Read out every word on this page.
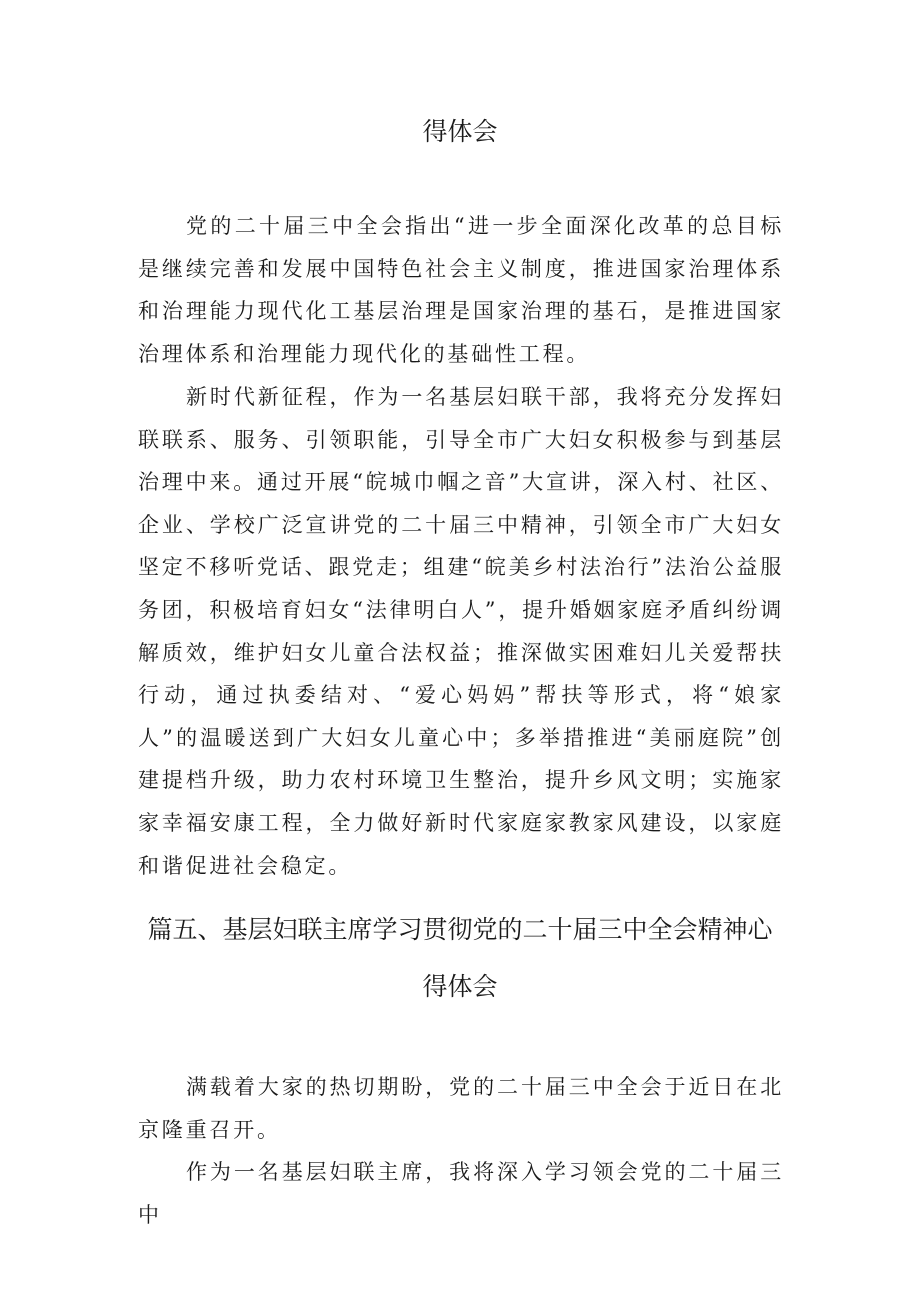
得体会

党的二十届三中全会指出“进一步全面深化改革的总目标是继续完善和发展中国特色社会主义制度，推进国家治理体系和治理能力现代化工基层治理是国家治理的基石，是推进国家治理体系和治理能力现代化的基础性工程。

新时代新征程，作为一名基层妇联干部，我将充分发挥妇联联系、服务、引领职能，引导全市广大妇女积极参与到基层治理中来。通过开展“皖城巾帼之音”大宣讲，深入村、社区、企业、学校广泛宣讲党的二十届三中精神，引领全市广大妇女坚定不移听党话、跟党走；组建“皖美乡村法治行”法治公益服务团，积极培育妇女“法律明白人”，提升婚姻家庭矛盾纠纷调解质效，维护妇女儿童合法权益；推深做实困难妇儿关爱帮扶行动，通过执委结对、“爱心妈妈”帮扶等形式，将“娘家人”的温暖送到广大妇女儿童心中；多举措推进“美丽庭院”创建提档升级，助力农村环境卫生整治，提升乡风文明；实施家家幸福安康工程，全力做好新时代家庭家教家风建设，以家庭和谐促进社会稳定。

篇五、基层妇联主席学习贯彻党的二十届三中全会精神心
得体会

满载着大家的热切期盼，党的二十届三中全会于近日在北京隆重召开。

作为一名基层妇联主席，我将深入学习领会党的二十届三中
